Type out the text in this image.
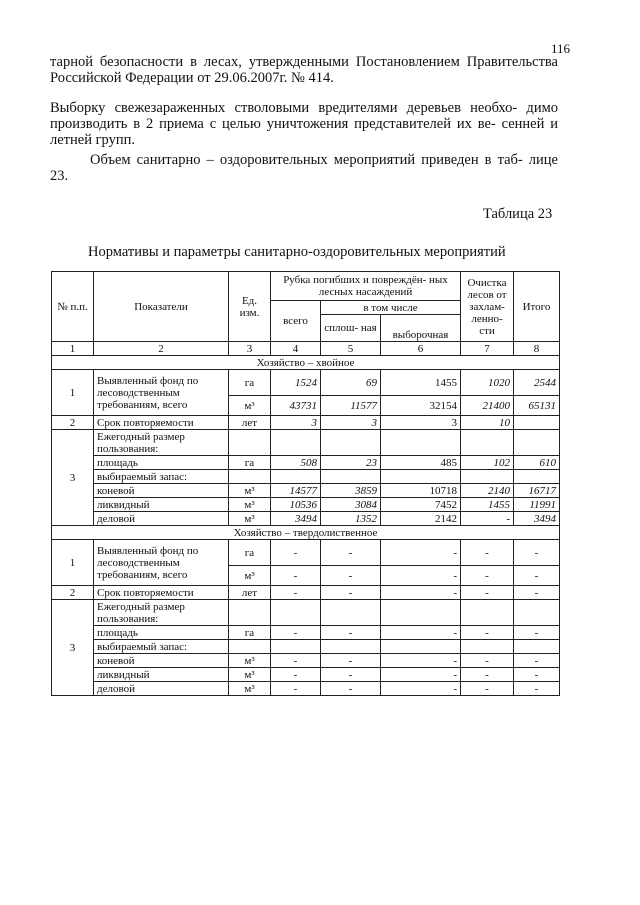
116
тарной безопасности в лесах, утвержденными Постановлением Правительства Российской Федерации от 29.06.2007г. № 414.
Выборку свежезараженных стволовыми вредителями деревьев необхо- димо производить в 2 приема с целью уничтожения представителей их ве- сенней и летней групп.
Объем санитарно – оздоровительных мероприятий приведен в таб- лице 23.
Таблица 23
Нормативы и параметры санитарно-оздоровительных мероприятий
№ п.п.	Показатели	Ед. изм.	Рубка погибших и повреждён- ных лесных насаждений			Очистка лесов от захлам- ленно- сти	Итого
			всего	в том числе			
				сплош- ная	выборочная		
1	2	3	4	5	6	7	8
Хозяйство – хвойное							
1	Выявленный фонд по лесоводственным требованиям, всего	га	1524	69	1455	1020	2544
		м³	43731	11577	32154	21400	65131
2	Срок повторяемости	лет	3	3	3	10	
3	Ежегодный размер пользования:						
	площадь	га	508	23	485	102	610
	выбираемый запас:						
	коневой	м³	14577	3859	10718	2140	16717
	ликвидный	м³	10536	3084	7452	1455	11991
	деловой	м³	3494	1352	2142	-	3494
Хозяйство – твердолиственное							
1	Выявленный фонд по лесоводственным требованиям, всего	га	-	-	-	-	-
		м³	-	-	-	-	-
2	Срок повторяемости	лет	-	-	-	-	-
3	Ежегодный размер пользования:						
	площадь	га	-	-	-	-	-
	выбираемый запас:						
	коневой	м³	-	-	-	-	-
	ликвидный	м³	-	-	-	-	-
	деловой	м³	-	-	-	-	-
